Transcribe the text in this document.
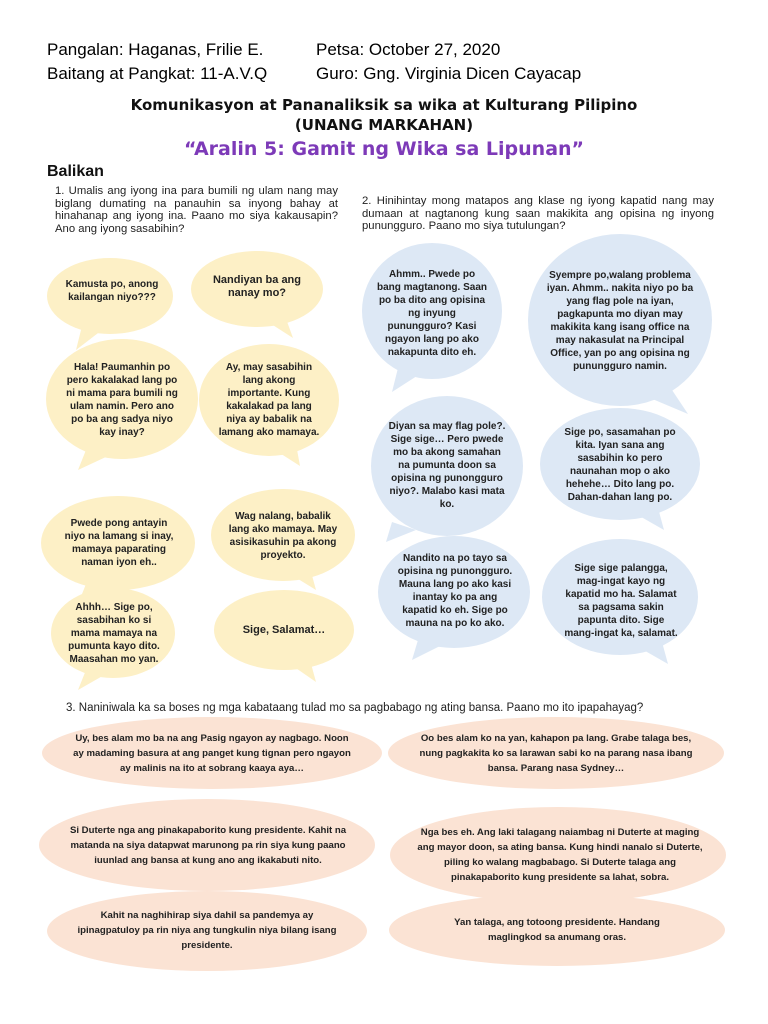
Pangalan: Haganas, Frilie E.	Petsa: October 27, 2020
Baitang at Pangkat: 11-A.V.Q	Guro: Gng. Virginia Dicen Cayacap
Komunikasyon at Pananaliksik sa wika at Kulturang Pilipino
(UNANG MARKAHAN)
“Aralin 5: Gamit ng Wika sa Lipunan”
Balikan
1. Umalis ang iyong ina para bumili ng ulam nang may biglang dumating na panauhin sa inyong bahay at hinahanap ang iyong ina. Paano mo siya kakausapin? Ano ang iyong sasabihin?
2. Hinihintay mong matapos ang klase ng iyong kapatid nang may dumaan at nagtanong kung saan makikita ang opisina ng inyong punungguro. Paano mo siya tutulungan?
3. Naniniwala ka sa boses ng mga kabataang tulad mo sa pagbabago ng ating bansa. Paano mo ito ipapahayag?
Kamusta po, anong kailangan niyo???
Nandiyan ba ang nanay mo?
Hala! Paumanhin po pero kakalakad lang po ni mama para bumili ng ulam namin. Pero ano po ba ang sadya niyo kay inay?
Ay, may sasabihin lang akong importante. Kung kakalakad pa lang niya ay babalik na lamang ako mamaya.
Pwede pong antayin niyo na lamang si inay, mamaya paparating naman iyon eh..
Wag nalang, babalik lang ako mamaya. May asisikasuhin pa akong proyekto.
Ahhh… Sige po, sasabihan ko si mama mamaya na pumunta kayo dito. Maasahan mo yan.
Sige, Salamat…
Ahmm.. Pwede po bang magtanong. Saan po ba dito ang opisina ng inyung punungguro? Kasi ngayon lang po ako nakapunta dito eh.
Syempre po,walang problema iyan. Ahmm.. nakita niyo po ba yang flag pole na iyan, pagkapunta mo diyan may makikita kang isang office na may nakasulat na Principal Office, yan po ang opisina ng punungguro namin.
Diyan sa may flag pole?. Sige sige… Pero pwede mo ba akong samahan na pumunta doon sa opisina ng punongguro niyo?. Malabo kasi mata ko.
Sige po, sasamahan po kita. Iyan sana ang sasabihin ko pero naunahan mop o ako hehehe… Dito lang po. Dahan-dahan lang po.
Nandito na po tayo sa opisina ng punongguro. Mauna lang po ako kasi inantay ko pa ang kapatid ko eh. Sige po mauna na po ko ako.
Sige sige palangga, mag-ingat kayo ng kapatid mo ha. Salamat sa pagsama sakin papunta dito. Sige mang-ingat ka, salamat.
Uy, bes alam mo ba na ang Pasig ngayon ay nagbago. Noon ay madaming basura at ang panget kung tignan pero ngayon ay malinis na ito at sobrang kaaya aya…
Oo bes alam ko na yan, kahapon pa lang. Grabe talaga bes, nung pagkakita ko sa larawan sabi ko na parang nasa ibang bansa. Parang nasa Sydney…
Si Duterte nga ang pinakapaborito kung presidente. Kahit na matanda na siya datapwat marunong pa rin siya kung paano iuunlad ang bansa at kung ano ang ikakabuti nito.
Nga bes eh. Ang laki talagang naiambag ni Duterte at maging ang mayor doon, sa ating bansa. Kung hindi nanalo si Duterte, piling ko walang magbabago. Si Duterte talaga ang pinakapaborito kung presidente sa lahat, sobra.
Kahit na naghihirap siya dahil sa pandemya ay ipinagpatuloy pa rin niya ang tungkulin niya bilang isang presidente.
Yan talaga, ang totoong presidente. Handang maglingkod sa anumang oras.
